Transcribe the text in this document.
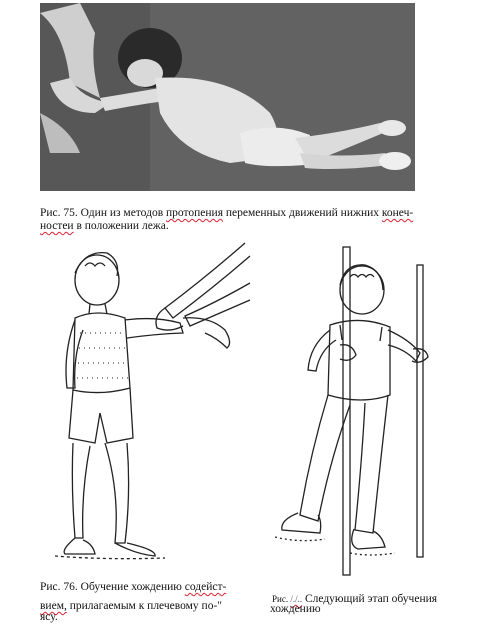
Рис. 75. Один из методов протопения переменных движений нижних конеч-
ностеи в положении лежа.
Рис. 76. Обучение хождению содейст-
вием, прилагаемым к плечевому по-"
ясу.
Рис. /./.. Следующий этап обучения
хождению
